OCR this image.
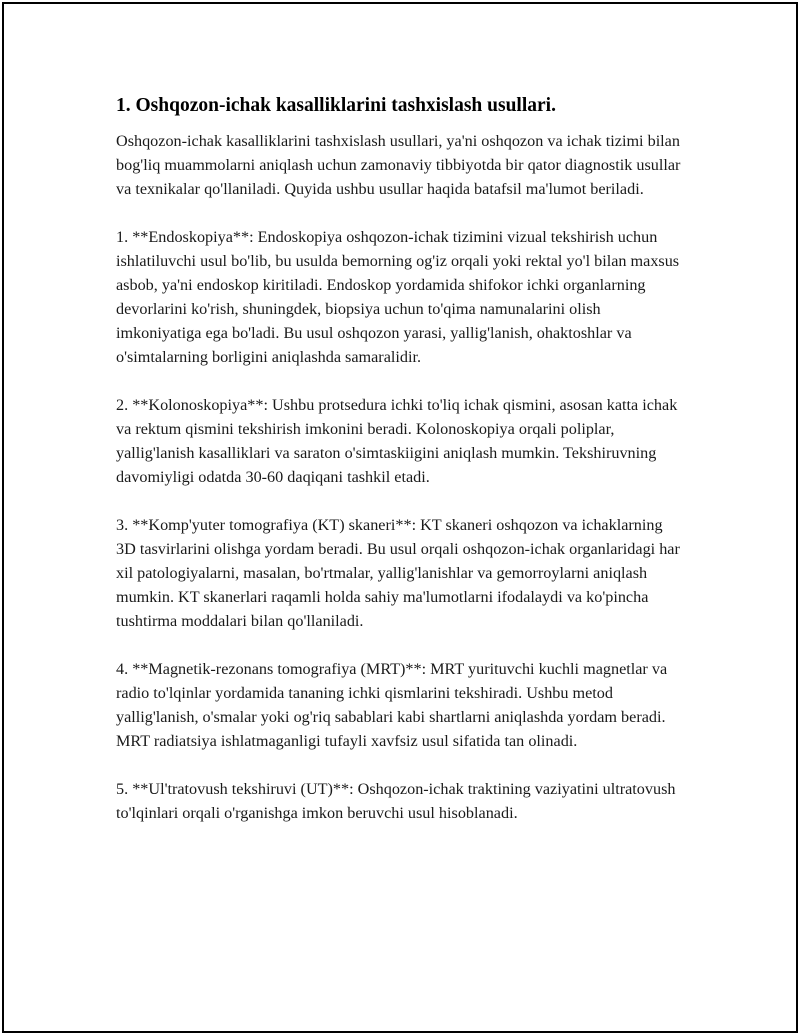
1. Oshqozon-ichak kasalliklarini tashxislash usullari.

Oshqozon-ichak kasalliklarini tashxislash usullari, ya'ni oshqozon va ichak tizimi bilan bog'liq muammolarni aniqlash uchun zamonaviy tibbiyotda bir qator diagnostik usullar va texnikalar qo'llaniladi. Quyida ushbu usullar haqida batafsil ma'lumot beriladi.

1. **Endoskopiya**: Endoskopiya oshqozon-ichak tizimini vizual tekshirish uchun ishlatiluvchi usul bo'lib, bu usulda bemorning og'iz orqali yoki rektal yo'l bilan maxsus asbob, ya'ni endoskop kiritiladi. Endoskop yordamida shifokor ichki organlarning devorlarini ko'rish, shuningdek, biopsiya uchun to'qima namunalarini olish imkoniyatiga ega bo'ladi. Bu usul oshqozon yarasi, yallig'lanish, ohaktoshlar va o'simtalarning borligini aniqlashda samaralidir.

2. **Kolonoskopiya**: Ushbu protsedura ichki to'liq ichak qismini, asosan katta ichak va rektum qismini tekshirish imkonini beradi. Kolonoskopiya orqali poliplar, yallig'lanish kasalliklari va saraton o'simtaskiigini aniqlash mumkin. Tekshiruvning davomiyligi odatda 30-60 daqiqani tashkil etadi.

3. **Komp'yuter tomografiya (KT) skaneri**: KT skaneri oshqozon va ichaklarning 3D tasvirlarini olishga yordam beradi. Bu usul orqali oshqozon-ichak organlaridagi har xil patologiyalarni, masalan, bo'rtmalar, yallig'lanishlar va gemorroylarni aniqlash mumkin. KT skanerlari raqamli holda sahiy ma'lumotlarni ifodalaydi va ko'pincha tushtirma moddalari bilan qo'llaniladi.

4. **Magnetik-rezonans tomografiya (MRT)**: MRT yurituvchi kuchli magnetlar va radio to'lqinlar yordamida tananing ichki qismlarini tekshiradi. Ushbu metod yallig'lanish, o'smalar yoki og'riq sabablari kabi shartlarni aniqlashda yordam beradi. MRT radiatsiya ishlatmaganligi tufayli xavfsiz usul sifatida tan olinadi.

5. **Ul'tratovush tekshiruvi (UT)**: Oshqozon-ichak traktining vaziyatini ultratovush to'lqinlari orqali o'rganishga imkon beruvchi usul hisoblanadi.
